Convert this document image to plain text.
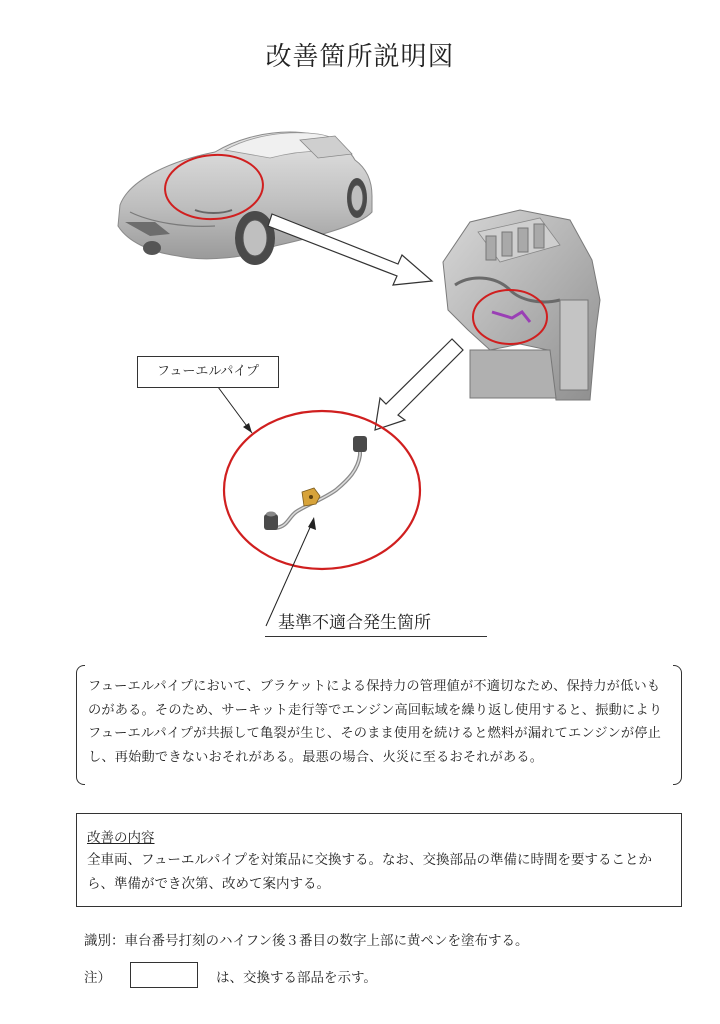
改善箇所説明図
フューエルパイプ
基準不適合発生箇所
フューエルパイプにおいて、ブラケットによる保持力の管理値が不適切なため、保持力が低いものがある。そのため、サーキット走行等でエンジン高回転域を繰り返し使用すると、振動によりフューエルパイプが共振して亀裂が生じ、そのまま使用を続けると燃料が漏れてエンジンが停止し、再始動できないおそれがある。最悪の場合、火災に至るおそれがある。
改善の内容
全車両、フューエルパイプを対策品に交換する。なお、交換部品の準備に時間を要することから、準備ができ次第、改めて案内する。
識別：車台番号打刻のハイフン後３番目の数字上部に黄ペンを塗布する。
注）	は、交換する部品を示す。
